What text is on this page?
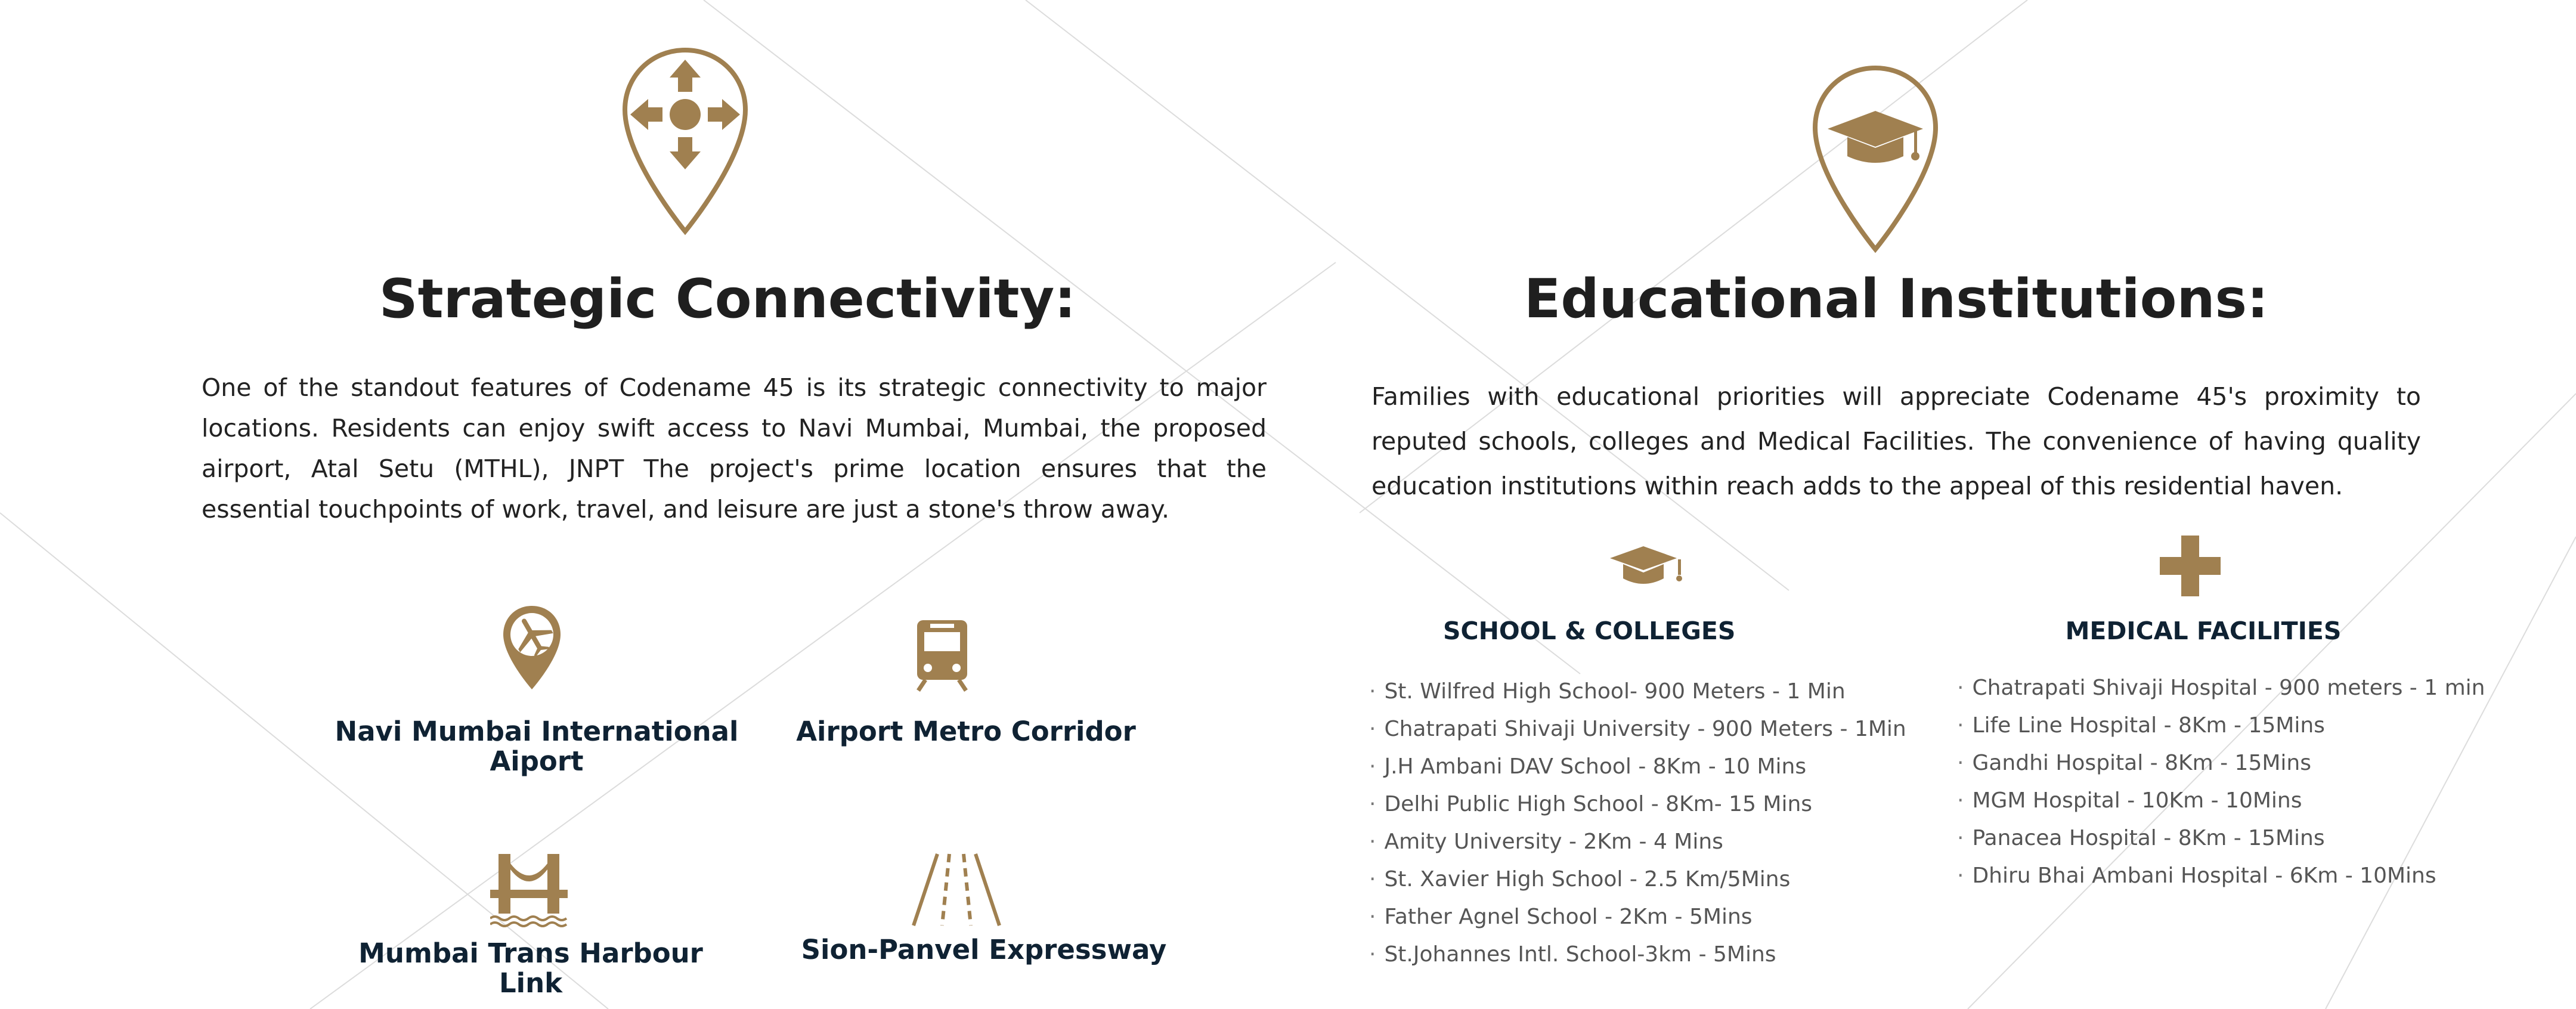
Strategic Connectivity:
One of the standout features of Codename 45 is its strategic connectivity to major
locations. Residents can enjoy swift access to Navi Mumbai, Mumbai, the proposed
airport, Atal Setu (MTHL), JNPT The project's prime location ensures that the
essential touchpoints of work, travel, and leisure are just a stone's throw away.
Navi Mumbai International
Aiport
Airport Metro Corridor
Mumbai Trans Harbour Link
Sion-Panvel Expressway
Educational Institutions:
Families with educational priorities will appreciate Codename 45's proximity to
reputed schools, colleges and Medical Facilities. The convenience of having quality
education institutions within reach adds to the appeal of this residential haven.
SCHOOL & COLLEGES
· St. Wilfred High School- 900 Meters - 1 Min
· Chatrapati Shivaji University - 900 Meters - 1Min
· J.H Ambani DAV School - 8Km - 10 Mins
· Delhi Public High School - 8Km- 15 Mins
· Amity University - 2Km - 4 Mins
· St. Xavier High School - 2.5 Km/5Mins
· Father Agnel School - 2Km - 5Mins
· St.Johannes Intl. School-3km - 5Mins
MEDICAL FACILITIES
· Chatrapati Shivaji Hospital - 900 meters - 1 min
· Life Line Hospital - 8Km - 15Mins
· Gandhi Hospital - 8Km - 15Mins
· MGM Hospital - 10Km - 10Mins
· Panacea Hospital - 8Km - 15Mins
· Dhiru Bhai Ambani Hospital - 6Km - 10Mins
